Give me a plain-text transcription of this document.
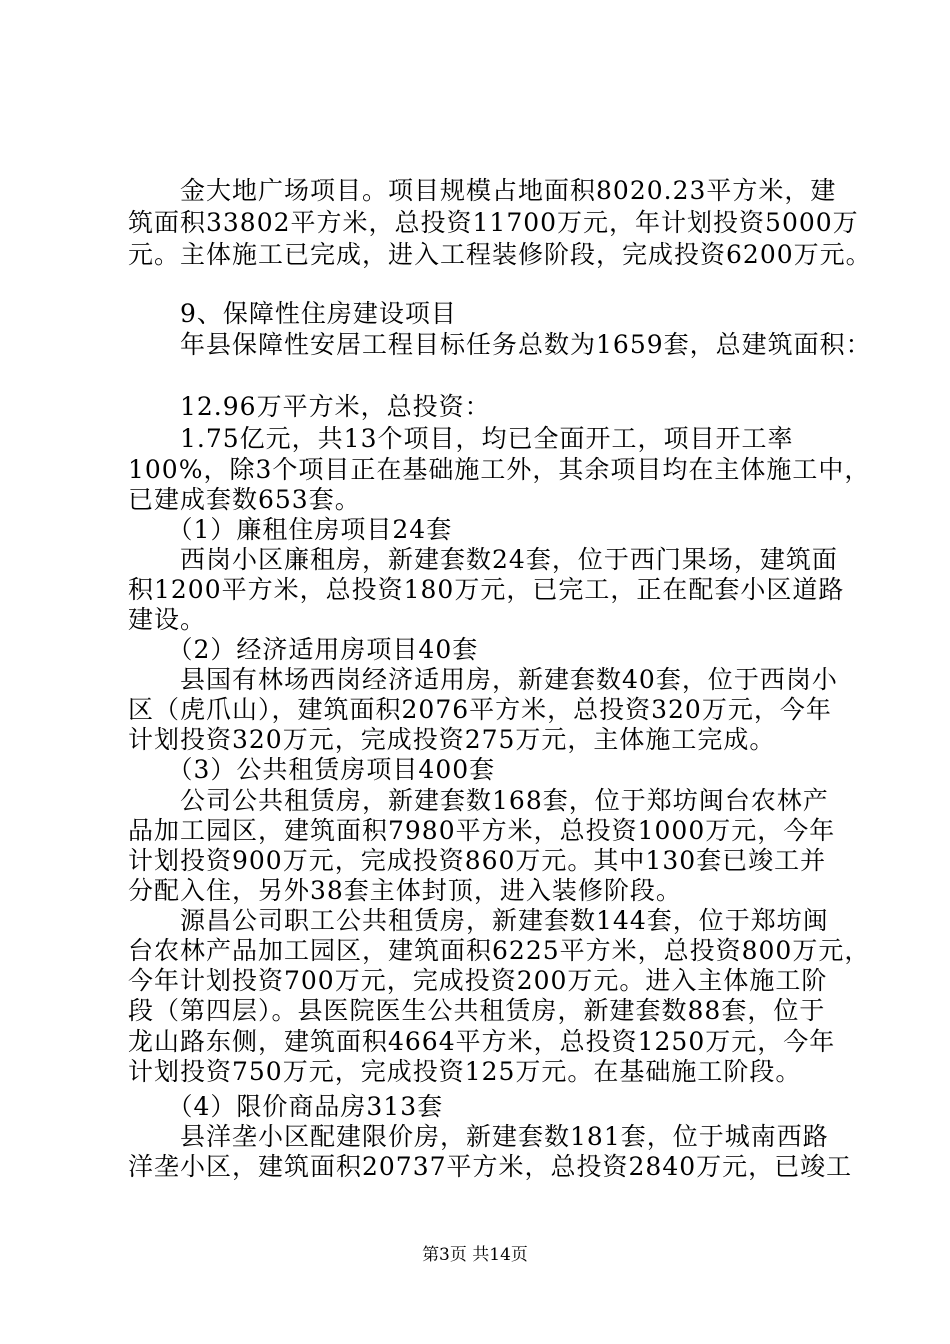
　　金大地广场项目。项目规模占地面积8020.23平方米，建
筑面积33802平方米，总投资11700万元，年计划投资5000万
元。主体施工已完成，进入工程装修阶段，完成投资6200万元。
　　9、保障性住房建设项目
　　年县保障性安居工程目标任务总数为1659套，总建筑面积：
　　12.96万平方米，总投资：
　　1.75亿元，共13个项目，均已全面开工，项目开工率
100%，除3个项目正在基础施工外，其余项目均在主体施工中，
已建成套数653套。
　　（1）廉租住房项目24套
　　西岗小区廉租房，新建套数24套，位于西门果场，建筑面
积1200平方米，总投资180万元，已完工，正在配套小区道路
建设。
　　（2）经济适用房项目40套
　　县国有林场西岗经济适用房，新建套数40套，位于西岗小
区（虎爪山），建筑面积2076平方米，总投资320万元，今年
计划投资320万元，完成投资275万元，主体施工完成。
　　（3）公共租赁房项目400套
　　公司公共租赁房，新建套数168套，位于郑坊闽台农林产
品加工园区，建筑面积7980平方米，总投资1000万元，今年
计划投资900万元，完成投资860万元。其中130套已竣工并
分配入住，另外38套主体封顶，进入装修阶段。
　　源昌公司职工公共租赁房，新建套数144套，位于郑坊闽
台农林产品加工园区，建筑面积6225平方米，总投资800万元，
今年计划投资700万元，完成投资200万元。进入主体施工阶
段（第四层）。县医院医生公共租赁房，新建套数88套，位于
龙山路东侧，建筑面积4664平方米，总投资1250万元，今年
计划投资750万元，完成投资125万元。在基础施工阶段。
　　（4）限价商品房313套
　　县洋垄小区配建限价房，新建套数181套，位于城南西路
洋垄小区，建筑面积20737平方米，总投资2840万元，已竣工
第3页 共14页
